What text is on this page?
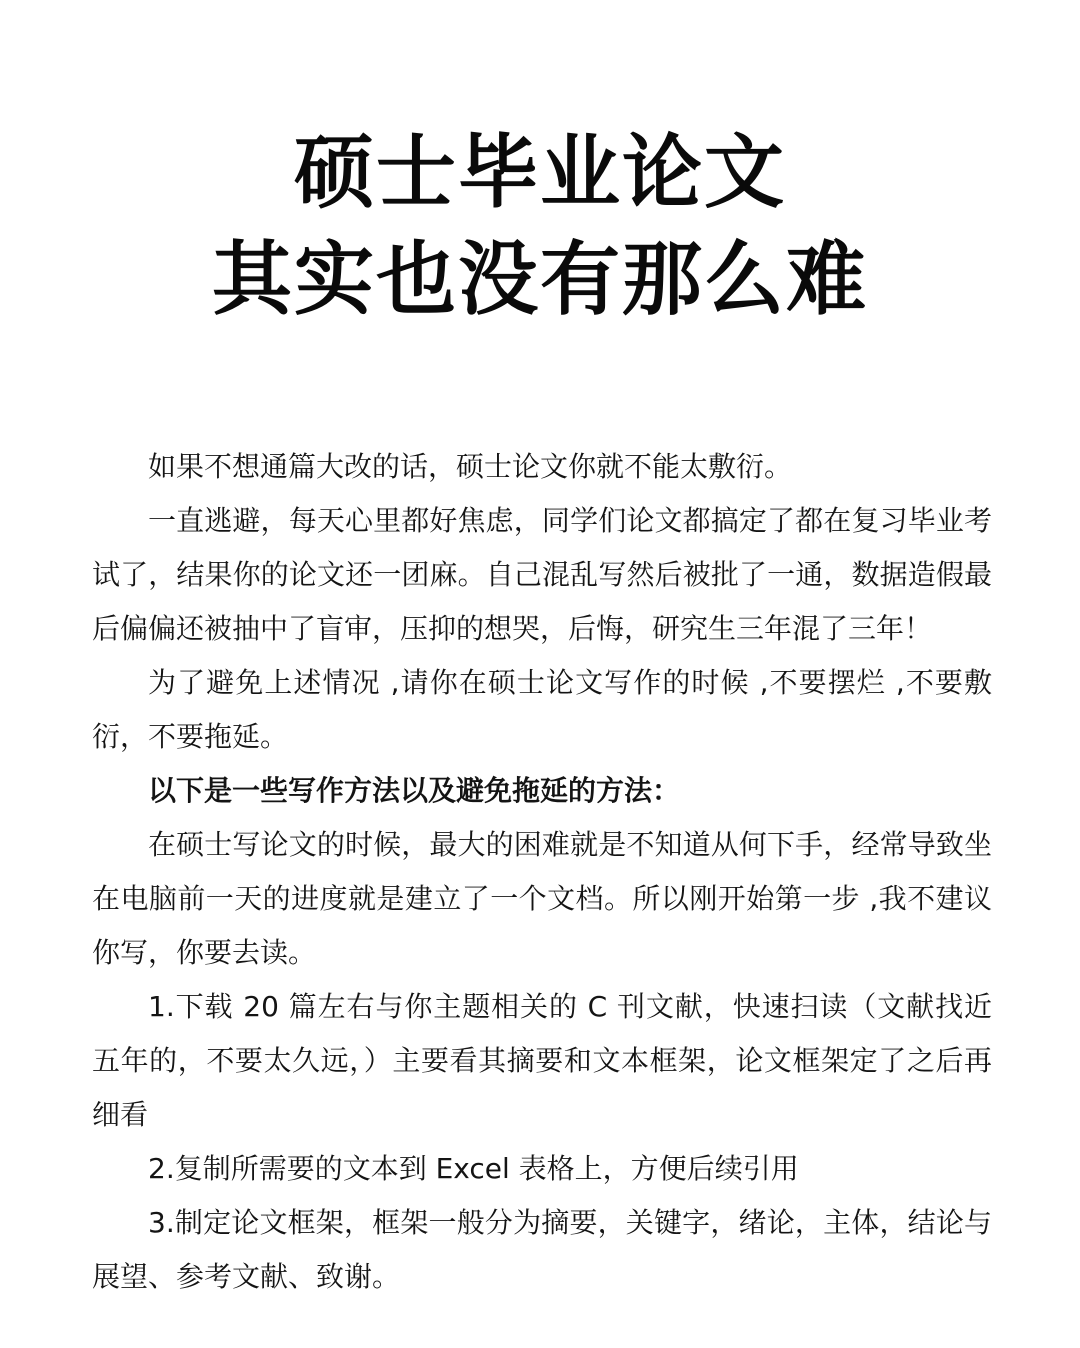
硕士毕业论文
其实也没有那么难

如果不想通篇大改的话，硕士论文你就不能太敷衍。

一直逃避，每天心里都好焦虑，同学们论文都搞定了都在复习毕业考试了，结果你的论文还一团麻。自己混乱写然后被批了一通，数据造假最后偏偏还被抽中了盲审，压抑的想哭，后悔，研究生三年混了三年！

为了避免上述情况 ,请你在硕士论文写作的时候 ,不要摆烂 ,不要敷衍，不要拖延。

以下是一些写作方法以及避免拖延的方法：

在硕士写论文的时候，最大的困难就是不知道从何下手，经常导致坐在电脑前一天的进度就是建立了一个文档。所以刚开始第一步 ,我不建议你写，你要去读。

1.下载 20 篇左右与你主题相关的 C 刊文献，快速扫读（文献找近五年的，不要太久远，）主要看其摘要和文本框架，论文框架定了之后再细看

2.复制所需要的文本到 Excel 表格上，方便后续引用

3.制定论文框架，框架一般分为摘要，关键字，绪论，主体，结论与展望、参考文献、致谢。
